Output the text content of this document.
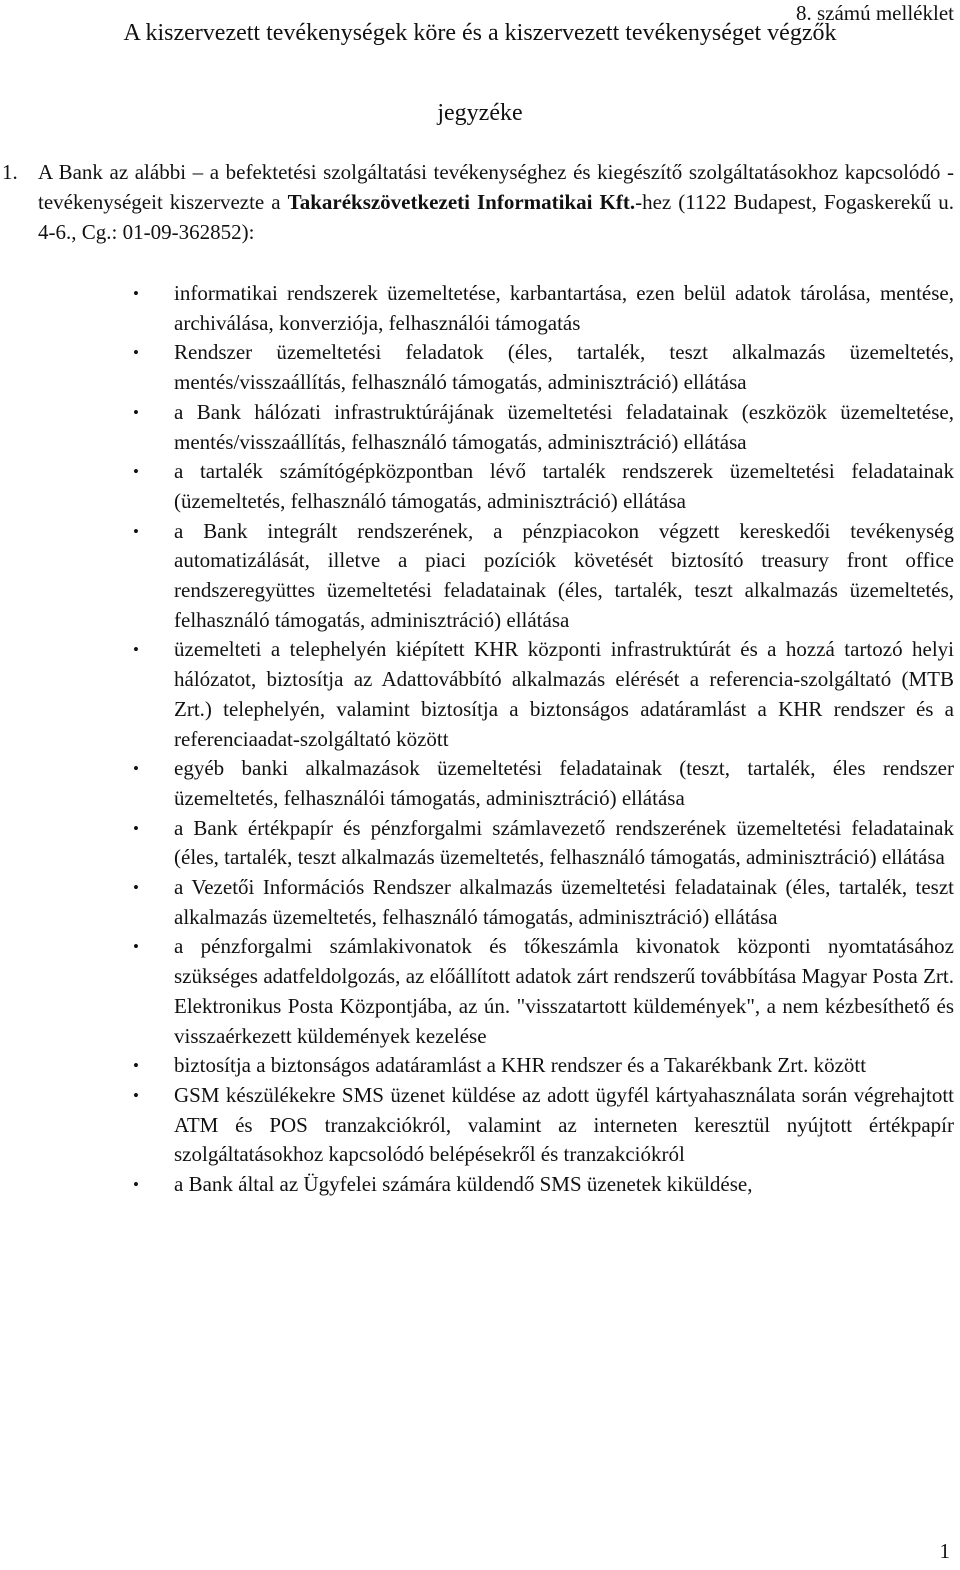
8. számú melléklet
A kiszervezett tevékenységek köre és a kiszervezett tevékenységet végzők
jegyzéke
1. A Bank az alábbi – a befektetési szolgáltatási tevékenységhez és kiegészítő szolgáltatásokhoz kapcsolódó - tevékenységeit kiszervezte a Takarékszövetkezeti Informatikai Kft.-hez (1122 Budapest, Fogaskerekű u. 4-6., Cg.: 01-09-362852):
• informatikai rendszerek üzemeltetése, karbantartása, ezen belül adatok tárolása, mentése, archiválása, konverziója, felhasználói támogatás
• Rendszer üzemeltetési feladatok (éles, tartalék, teszt alkalmazás üzemeltetés, mentés/visszaállítás, felhasználó támogatás, adminisztráció) ellátása
• a Bank hálózati infrastruktúrájának üzemeltetési feladatainak (eszközök üzemeltetése, mentés/visszaállítás, felhasználó támogatás, adminisztráció) ellátása
• a tartalék számítógépközpontban lévő tartalék rendszerek üzemeltetési feladatainak (üzemeltetés, felhasználó támogatás, adminisztráció) ellátása
• a Bank integrált rendszerének, a pénzpiacokon végzett kereskedői tevékenység automatizálását, illetve a piaci pozíciók követését biztosító treasury front office rendszeregyüttes üzemeltetési feladatainak (éles, tartalék, teszt alkalmazás üzemeltetés, felhasználó támogatás, adminisztráció) ellátása
• üzemelteti a telephelyén kiépített KHR központi infrastruktúrát és a hozzá tartozó helyi hálózatot, biztosítja az Adattovábbító alkalmazás elérését a referencia-szolgáltató (MTB Zrt.) telephelyén, valamint biztosítja a biztonságos adatáramlást a KHR rendszer és a referenciaadat-szolgáltató között
• egyéb banki alkalmazások üzemeltetési feladatainak (teszt, tartalék, éles rendszer üzemeltetés, felhasználói támogatás, adminisztráció) ellátása
• a Bank értékpapír és pénzforgalmi számlavezető rendszerének üzemeltetési feladatainak (éles, tartalék, teszt alkalmazás üzemeltetés, felhasználó támogatás, adminisztráció) ellátása
• a Vezetői Információs Rendszer alkalmazás üzemeltetési feladatainak (éles, tartalék, teszt alkalmazás üzemeltetés, felhasználó támogatás, adminisztráció) ellátása
• a pénzforgalmi számlakivonatok és tőkeszámla kivonatok központi nyomtatásához szükséges adatfeldolgozás, az előállított adatok zárt rendszerű továbbítása Magyar Posta Zrt. Elektronikus Posta Központjába, az ún. "visszatartott küldemények", a nem kézbesíthető és visszaérkezett küldemények kezelése
• biztosítja a biztonságos adatáramlást a KHR rendszer és a Takarékbank Zrt. között
• GSM készülékekre SMS üzenet küldése az adott ügyfél kártyahasználata során végrehajtott ATM és POS tranzakciókról, valamint az interneten keresztül nyújtott értékpapír szolgáltatásokhoz kapcsolódó belépésekről és tranzakciókról
• a Bank által az Ügyfelei számára küldendő SMS üzenetek kiküldése,
1
